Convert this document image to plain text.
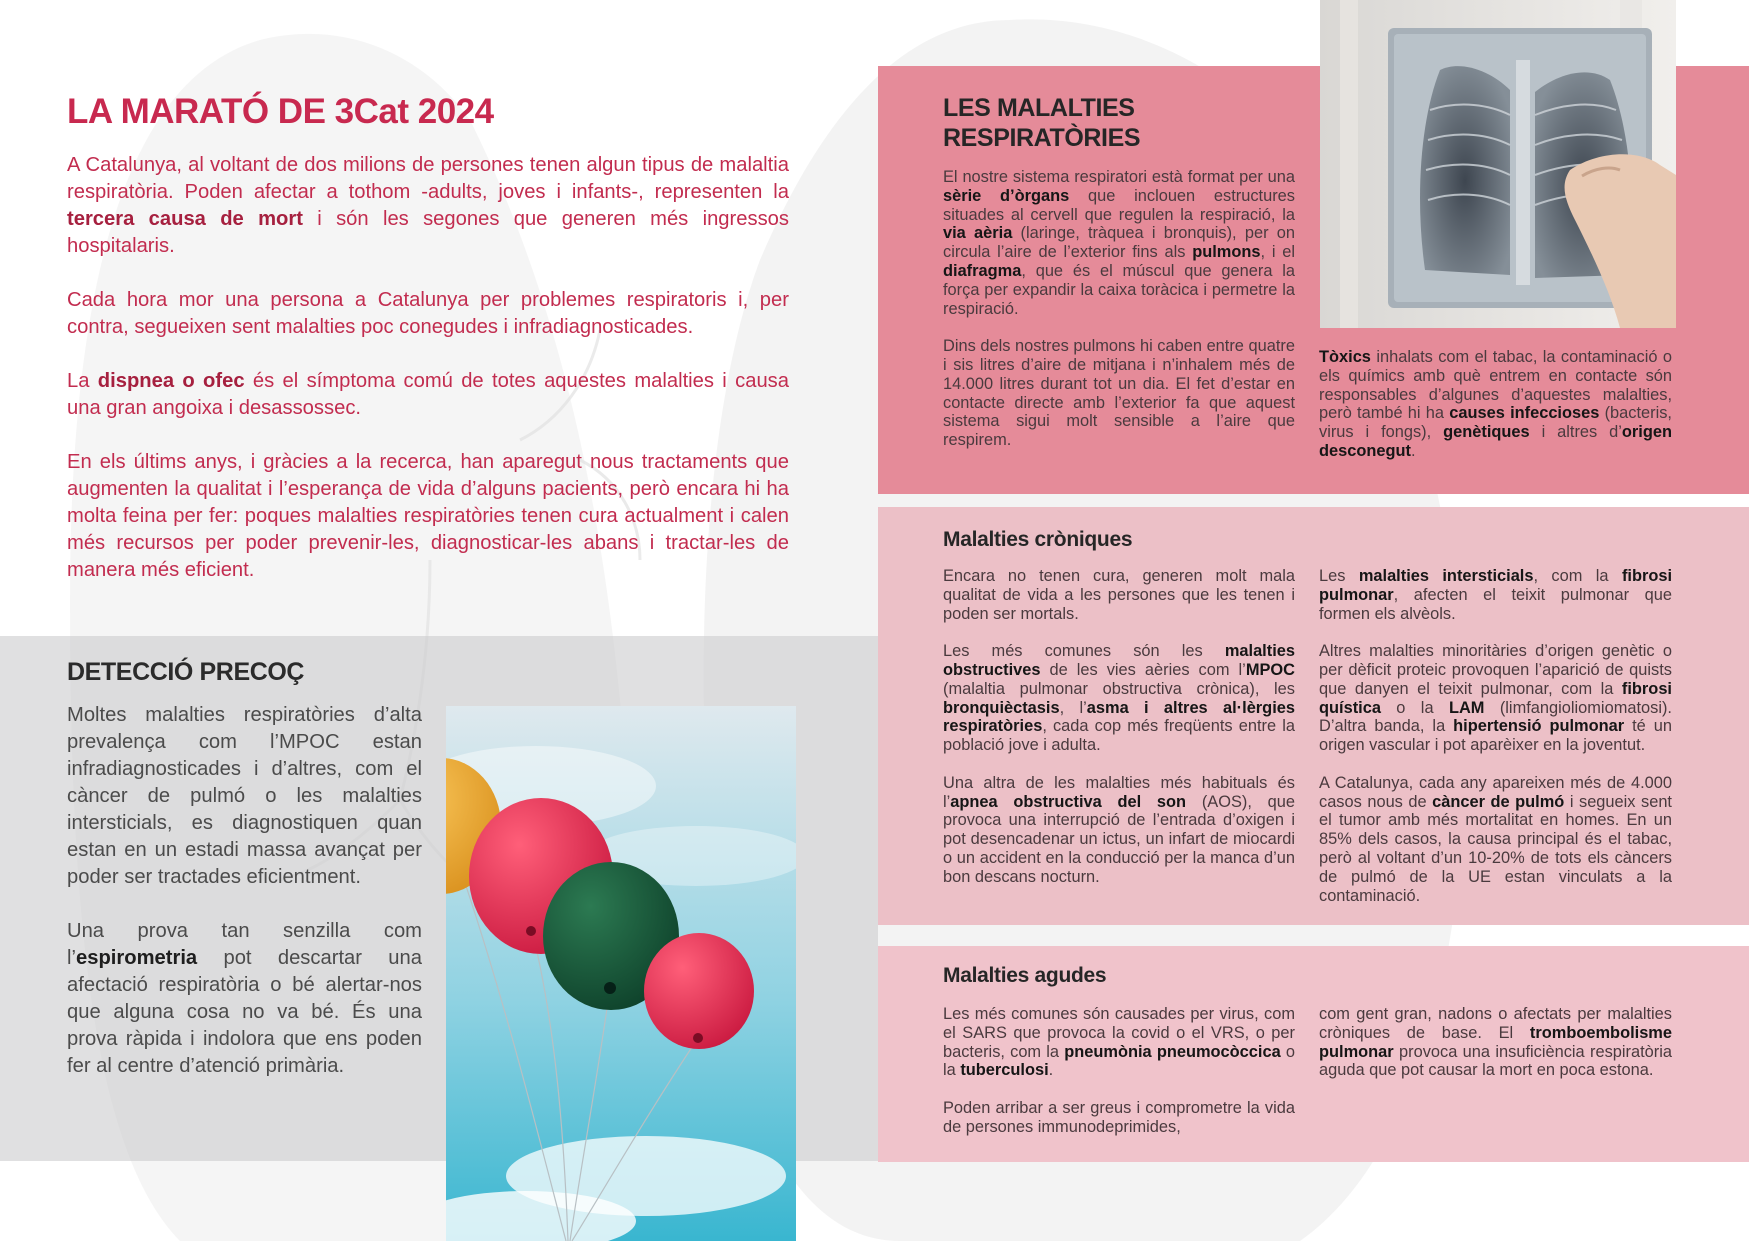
LA MARATÓ DE 3Cat 2024

A Catalunya, al voltant de dos milions de persones tenen algun tipus de malaltia respiratòria. Poden afectar a tothom -adults, joves i infants-, representen la tercera causa de mort i són les segones que generen més ingressos hospitalaris.

Cada hora mor una persona a Catalunya per problemes respiratoris i, per contra, segueixen sent malalties poc conegudes i infradiagnosticades.

La dispnea o ofec és el símptoma comú de totes aquestes malalties i causa una gran angoixa i desassossec.

En els últims anys, i gràcies a la recerca, han aparegut nous tractaments que augmenten la qualitat i l’esperança de vida d’alguns pacients, però encara hi ha molta feina per fer: poques malalties respiratòries tenen cura actualment i calen més recursos per poder prevenir-les, diagnosticar-les abans i tractar-les de manera més eficient.

DETECCIÓ PRECOÇ

Moltes malalties respiratòries d’alta prevalença com l’MPOC estan infradiagnosticades i d’altres, com el càncer de pulmó o les malalties intersticials, es diagnostiquen quan estan en un estadi massa avançat per poder ser tractades eficientment.

Una prova tan senzilla com l’espirometria pot descartar una afectació respiratòria o bé alertar-nos que alguna cosa no va bé. És una prova ràpida i indolora que ens poden fer al centre d’atenció primària.

LES MALALTIES RESPIRATÒRIES

El nostre sistema respiratori està format per una sèrie d’òrgans que inclouen estructures situades al cervell que regulen la respiració, la via aèria (laringe, tràquea i bronquis), per on circula l’aire de l’exterior fins als pulmons, i el diafragma, que és el múscul que genera la força per expandir la caixa toràcica i permetre la respiració.

Dins dels nostres pulmons hi caben entre quatre i sis litres d’aire de mitjana i n’inhalem més de 14.000 litres durant tot un dia. El fet d’estar en contacte directe amb l’exterior fa que aquest sistema sigui molt sensible a l’aire que respirem.

Tòxics inhalats com el tabac, la contaminació o els químics amb què entrem en contacte són responsables d’algunes d’aquestes malalties, però també hi ha causes infeccioses (bacteris, virus i fongs), genètiques i altres d’origen desconegut.

Malalties cròniques

Encara no tenen cura, generen molt mala qualitat de vida a les persones que les tenen i poden ser mortals.

Les més comunes són les malalties obstructives de les vies aèries com l’MPOC (malaltia pulmonar obstructiva crònica), les bronquièctasis, l’asma i altres al·lèrgies respiratòries, cada cop més freqüents entre la població jove i adulta.

Una altra de les malalties més habituals és l’apnea obstructiva del son (AOS), que provoca una interrupció de l’entrada d’oxigen i pot desencadenar un ictus, un infart de miocardi o un accident en la conducció per la manca d’un bon descans nocturn.

Les malalties intersticials, com la fibrosi pulmonar, afecten el teixit pulmonar que formen els alvèols.

Altres malalties minoritàries d’origen genètic o per dèficit proteic provoquen l’aparició de quists que danyen el teixit pulmonar, com la fibrosi quística o la LAM (limfangioliomiomatosi). D’altra banda, la hipertensió pulmonar té un origen vascular i pot aparèixer en la joventut.

A Catalunya, cada any apareixen més de 4.000 casos nous de càncer de pulmó i segueix sent el tumor amb més mortalitat en homes. En un 85% dels casos, la causa principal és el tabac, però al voltant d’un 10-20% de tots els càncers de pulmó de la UE estan vinculats a la contaminació.

Malalties agudes

Les més comunes són causades per virus, com el SARS que provoca la covid o el VRS, o per bacteris, com la pneumònia pneumocòccica o la tuberculosi.

Poden arribar a ser greus i comprometre la vida de persones immunodeprimides,

com gent gran, nadons o afectats per malalties cròniques de base. El tromboembolisme pulmonar provoca una insuficiència respiratòria aguda que pot causar la mort en poca estona.
